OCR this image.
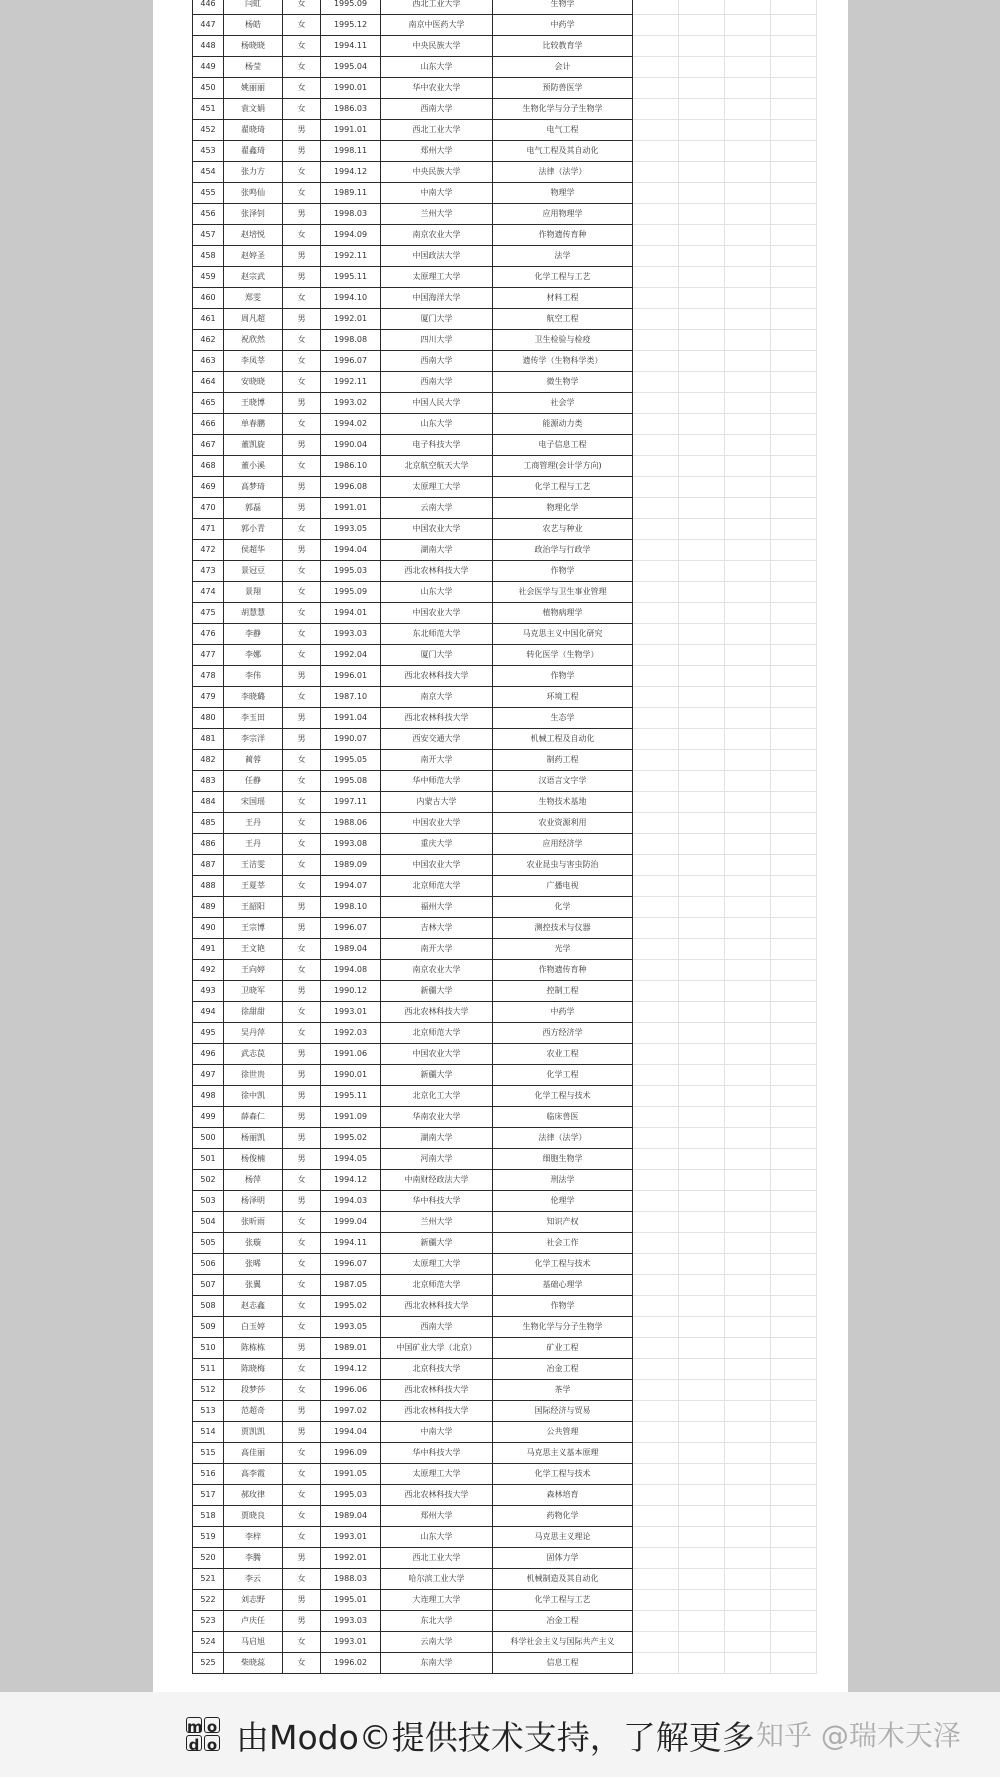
446	闫虹	女	1995.09	西北工业大学	生物学				
447	杨皓	女	1995.12	南京中医药大学	中药学				
448	杨晓晓	女	1994.11	中央民族大学	比较教育学				
449	杨莹	女	1995.04	山东大学	会计				
450	姚丽丽	女	1990.01	华中农业大学	预防兽医学				
451	袁文娟	女	1986.03	西南大学	生物化学与分子生物学				
452	翟晓琦	男	1991.01	西北工业大学	电气工程				
453	翟鑫琦	男	1998.11	郑州大学	电气工程及其自动化				
454	张力方	女	1994.12	中央民族大学	法律（法学）				
455	张鸣仙	女	1989.11	中南大学	物理学				
456	张泽钊	男	1998.03	兰州大学	应用物理学				
457	赵培悦	女	1994.09	南京农业大学	作物遗传育种				
458	赵婷圣	男	1992.11	中国政法大学	法学				
459	赵宗武	男	1995.11	太原理工大学	化学工程与工艺				
460	郑雯	女	1994.10	中国海洋大学	材料工程				
461	周凡超	男	1992.01	厦门大学	航空工程				
462	祝欣然	女	1998.08	四川大学	卫生检验与检疫				
463	李凤莘	女	1996.07	西南大学	遗传学（生物科学类）				
464	安晓晓	女	1992.11	西南大学	微生物学				
465	王晓博	男	1993.02	中国人民大学	社会学				
466	单春鹏	女	1994.02	山东大学	能源动力类				
467	董凯旋	男	1990.04	电子科技大学	电子信息工程				
468	董小溪	女	1986.10	北京航空航天大学	工商管理(会计学方向)				
469	高梦琦	男	1996.08	太原理工大学	化学工程与工艺				
470	郭磊	男	1991.01	云南大学	物理化学				
471	郭小青	女	1993.05	中国农业大学	农艺与种业				
472	侯超华	男	1994.04	湖南大学	政治学与行政学				
473	景冠豆	女	1995.03	西北农林科技大学	作物学				
474	景翔	女	1995.09	山东大学	社会医学与卫生事业管理				
475	胡慧慧	女	1994.01	中国农业大学	植物病理学				
476	李静	女	1993.03	东北师范大学	马克思主义中国化研究				
477	李娜	女	1992.04	厦门大学	转化医学（生物学）				
478	李伟	男	1996.01	西北农林科技大学	作物学				
479	李晓璐	女	1987.10	南京大学	环境工程				
480	李玉田	男	1991.04	西北农林科技大学	生态学				
481	李宗洋	男	1990.07	西安交通大学	机械工程及自动化				
482	蔺蓉	女	1995.05	南开大学	制药工程				
483	任静	女	1995.08	华中师范大学	汉语言文字学				
484	宋国瑶	女	1997.11	内蒙古大学	生物技术基地				
485	王丹	女	1988.06	中国农业大学	农业资源利用				
486	王丹	女	1993.08	重庆大学	应用经济学				
487	王洁雯	女	1989.09	中国农业大学	农业昆虫与害虫防治				
488	王夏莘	女	1994.07	北京师范大学	广播电视				
489	王韶阳	男	1998.10	福州大学	化学				
490	王宗博	男	1996.07	吉林大学	测控技术与仪器				
491	王文艳	女	1989.04	南开大学	光学				
492	王向婷	女	1994.08	南京农业大学	作物遗传育种				
493	卫晓军	男	1990.12	新疆大学	控制工程				
494	徐甜甜	女	1993.01	西北农林科技大学	中药学				
495	吴丹萍	女	1992.03	北京师范大学	西方经济学				
496	武志苠	男	1991.06	中国农业大学	农业工程				
497	徐世贵	男	1990.01	新疆大学	化学工程				
498	徐中凯	男	1995.11	北京化工大学	化学工程与技术				
499	薛森仁	男	1991.09	华南农业大学	临床兽医				
500	杨丽凯	男	1995.02	湖南大学	法律（法学）				
501	杨俊楠	男	1994.05	河南大学	细胞生物学				
502	杨萍	女	1994.12	中南财经政法大学	刑法学				
503	杨泽明	男	1994.03	华中科技大学	伦理学				
504	张昕雨	女	1999.04	兰州大学	知识产权				
505	张璇	女	1994.11	新疆大学	社会工作				
506	张晞	女	1996.07	太原理工大学	化学工程与技术				
507	张翼	女	1987.05	北京师范大学	基础心理学				
508	赵志鑫	女	1995.02	西北农林科技大学	作物学				
509	白玉婷	女	1993.05	西南大学	生物化学与分子生物学				
510	陈栋栋	男	1989.01	中国矿业大学（北京）	矿业工程				
511	陈晓梅	女	1994.12	北京科技大学	冶金工程				
512	段梦莎	女	1996.06	西北农林科技大学	茶学				
513	范超奇	男	1997.02	西北农林科技大学	国际经济与贸易				
514	贾凯凯	男	1994.04	中南大学	公共管理				
515	高佳丽	女	1996.09	华中科技大学	马克思主义基本原理				
516	高李霞	女	1991.05	太原理工大学	化学工程与技术				
517	郝玫律	女	1995.03	西北农林科技大学	森林培育				
518	贾晓良	女	1989.04	郑州大学	药物化学				
519	李梓	女	1993.01	山东大学	马克思主义理论				
520	李腾	男	1992.01	西北工业大学	固体力学				
521	李云	女	1988.03	哈尔滨工业大学	机械制造及其自动化				
522	刘志野	男	1995.01	大连理工大学	化学工程与工艺				
523	卢庆任	男	1993.03	东北大学	冶金工程				
524	马启旭	女	1993.01	云南大学	科学社会主义与国际共产主义				
525	柴晓蕊	女	1996.02	东南大学	信息工程				
m o
d o 由Modo©提供技术支持，了解更多 知乎 @瑞木天泽
